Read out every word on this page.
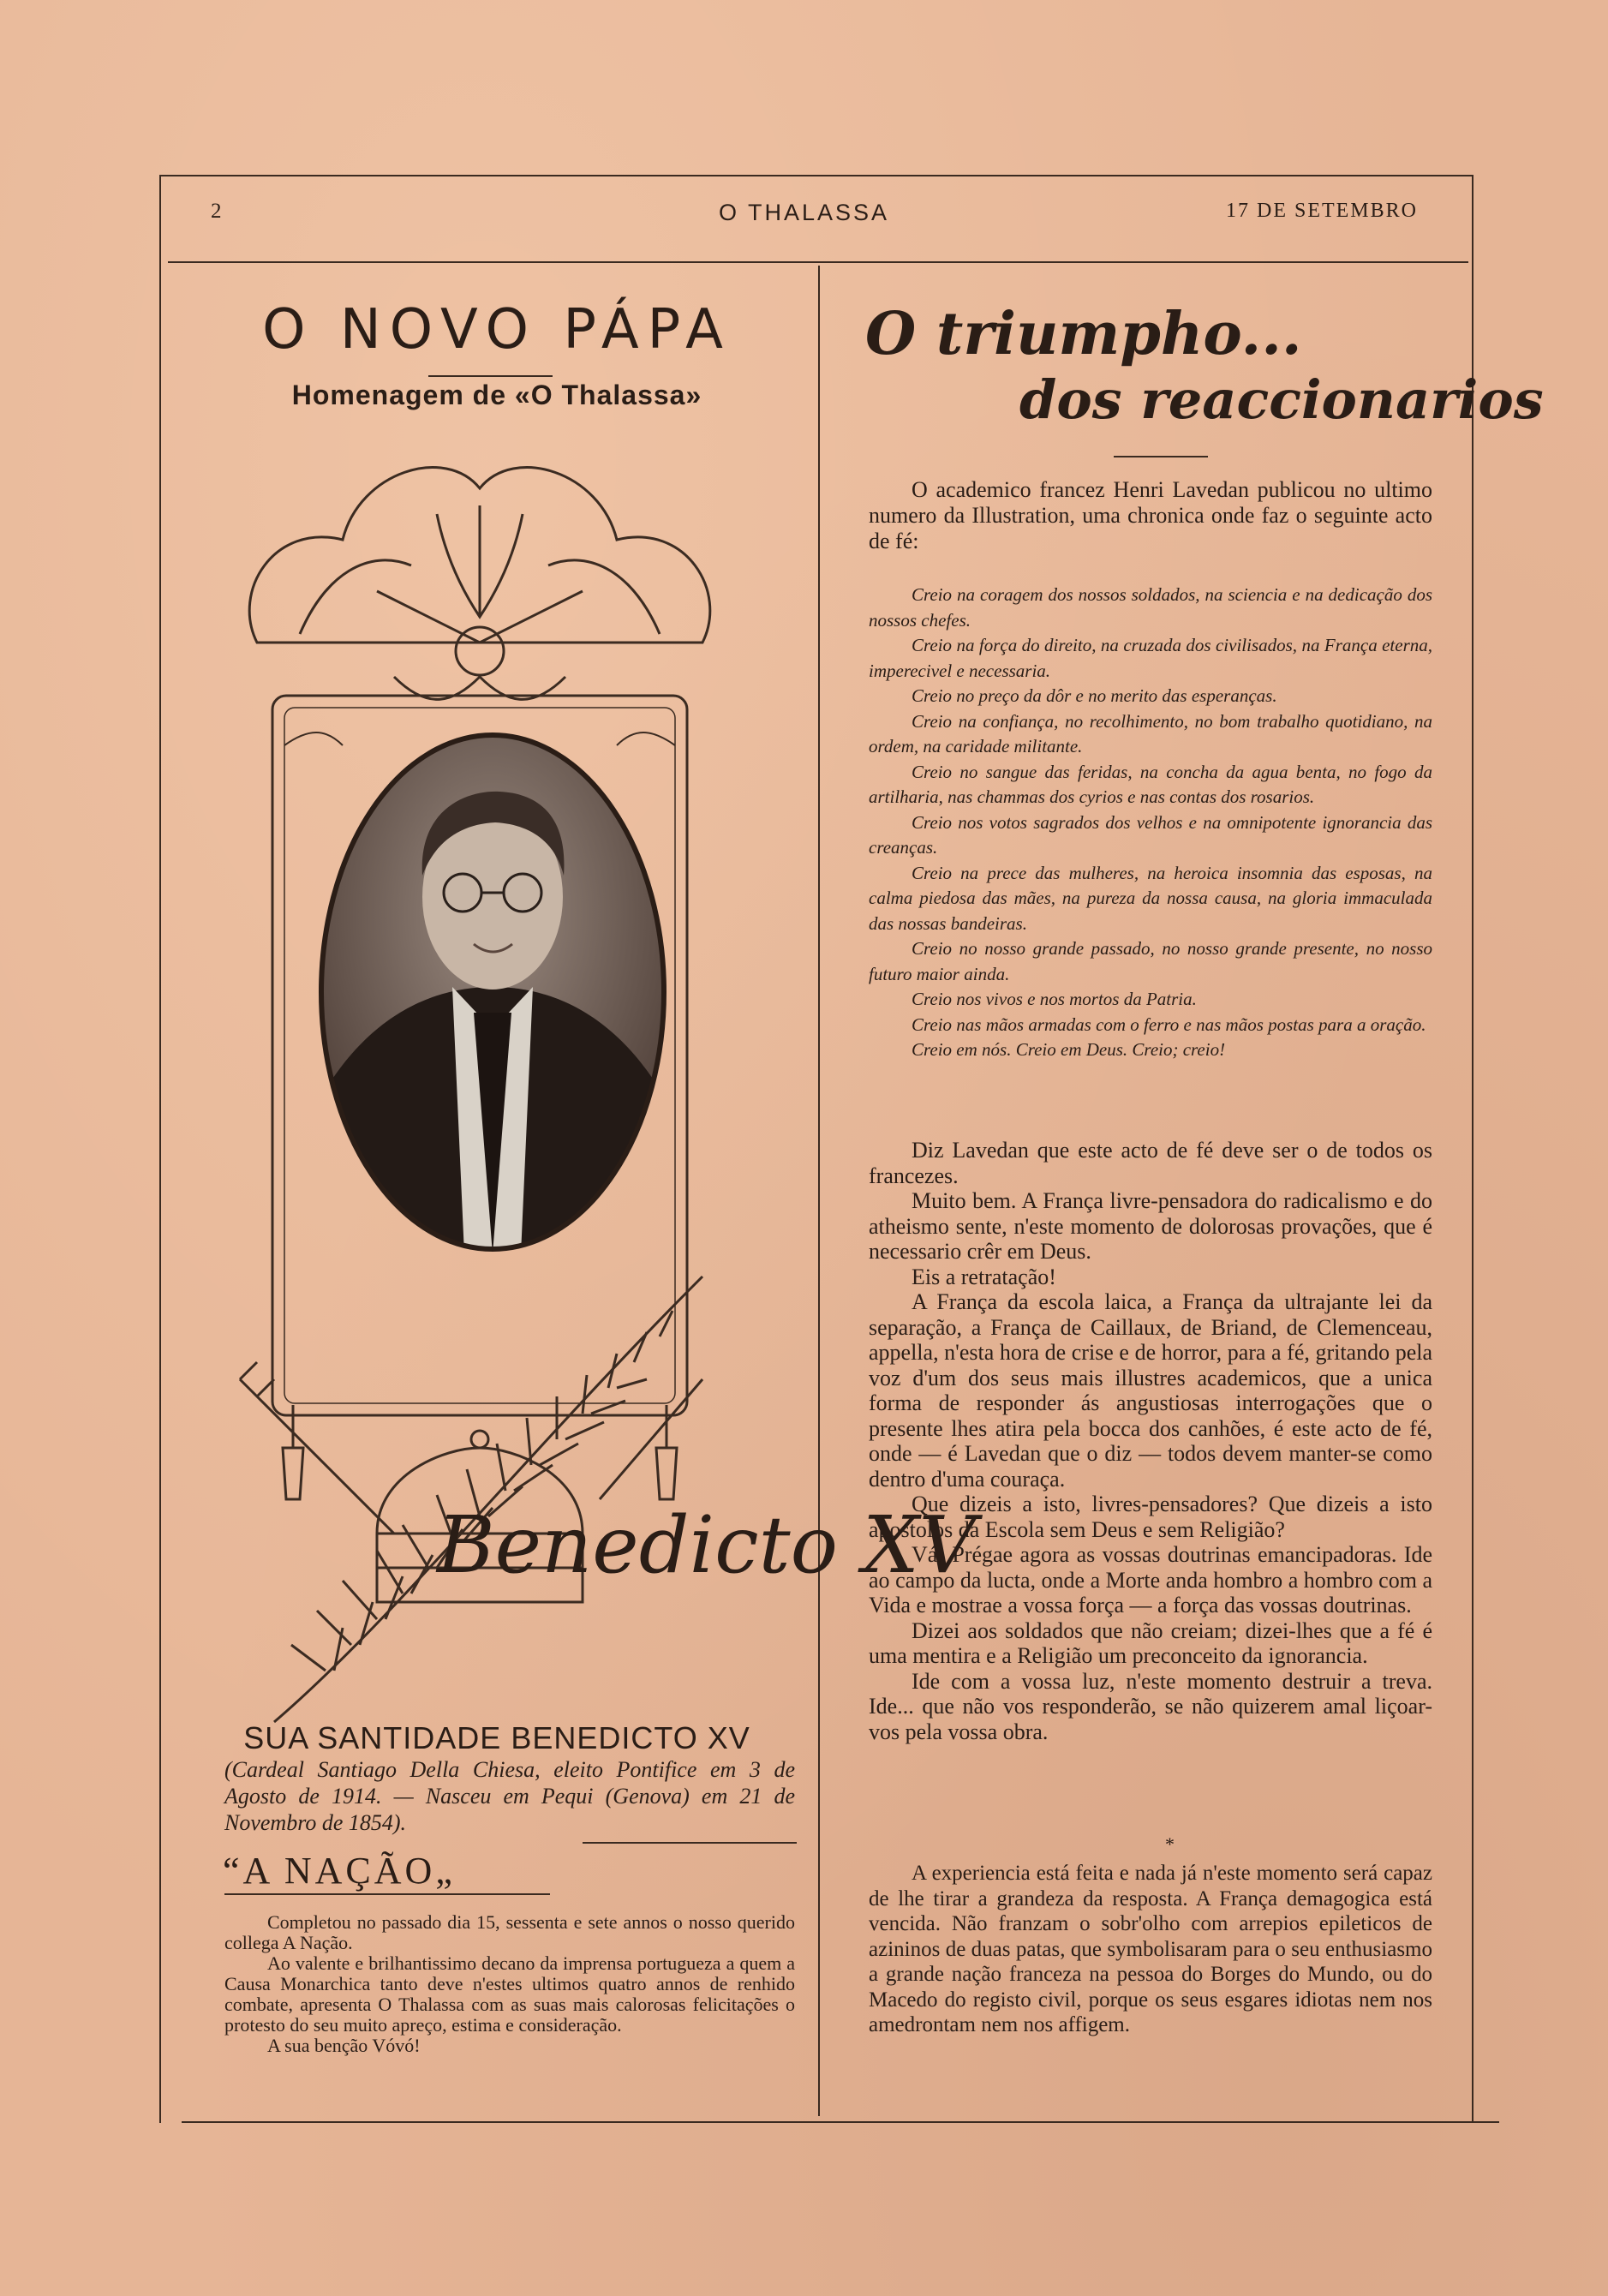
2	O THALASSA	17 DE SETEMBRO
O NOVO PÁPA
Homenagem de «O Thalassa»
Benedicto XV
SUA SANTIDADE BENEDICTO XV
(Cardeal Santiago Della Chiesa, eleito Pontifice em 3 de Agosto de 1914. — Nasceu em Pequi (Genova) em 21 de Novembro de 1854).
“A NAÇÃO„

Completou no passado dia 15, sessenta e sete annos o nosso querido collega A Nação.

Ao valente e brilhantissimo decano da imprensa portugueza a quem a Causa Monarchica tanto deve n'estes ultimos quatro annos de renhido combate, apresenta O Thalassa com as suas mais calorosas felicitações o protesto do seu muito apreço, estima e consideração.

A sua benção Vóvó!

O triumpho...
dos reaccionarios

O academico francez Henri Lavedan publicou no ultimo numero da Illustration, uma chronica onde faz o seguinte acto de fé:

Creio na coragem dos nossos soldados, na sciencia e na dedicação dos nossos chefes.

Creio na força do direito, na cruzada dos civilisados, na França eterna, imperecivel e necessaria.

Creio no preço da dôr e no merito das esperanças.

Creio na confiança, no recolhimento, no bom trabalho quotidiano, na ordem, na caridade militante.

Creio no sangue das feridas, na concha da agua benta, no fogo da artilharia, nas chammas dos cyrios e nas contas dos rosarios.

Creio nos votos sagrados dos velhos e na omnipotente ignorancia das creanças.

Creio na prece das mulheres, na heroica insomnia das esposas, na calma piedosa das mães, na pureza da nossa causa, na gloria immaculada das nossas bandeiras.

Creio no nosso grande passado, no nosso grande presente, no nosso futuro maior ainda.

Creio nos vivos e nos mortos da Patria.

Creio nas mãos armadas com o ferro e nas mãos postas para a oração.

Creio em nós. Creio em Deus. Creio; creio!

Diz Lavedan que este acto de fé deve ser o de todos os francezes.

Muito bem. A França livre-pensadora do radicalismo e do atheismo sente, n'este momento de dolorosas provações, que é necessario crêr em Deus.

Eis a retratação!

A França da escola laica, a França da ultrajante lei da separação, a França de Caillaux, de Briand, de Clemenceau, appella, n'esta hora de crise e de horror, para a fé, gritando pela voz d'um dos seus mais illustres academicos, que a unica forma de responder ás angustiosas interrogações que o presente lhes atira pela bocca dos canhões, é este acto de fé, onde — é Lavedan que o diz — todos devem manter-se como dentro d'uma couraça.

Que dizeis a isto, livres-pensadores? Que dizeis a isto apostolos da Escola sem Deus e sem Religião?

Vá! Prégae agora as vossas doutrinas emancipadoras. Ide ao campo da lucta, onde a Morte anda hombro a hombro com a Vida e mostrae a vossa força — a força das vossas doutrinas.

Dizei aos soldados que não creiam; dizei-lhes que a fé é uma mentira e a Religião um preconceito da ignorancia.

Ide com a vossa luz, n'este momento destruir a treva. Ide... que não vos responderão, se não quizerem amal liçoar-vos pela vossa obra.

*

A experiencia está feita e nada já n'este momento será capaz de lhe tirar a grandeza da resposta. A França demagogica está vencida. Não franzam o sobr'olho com arrepios epileticos de azininos de duas patas, que symbolisaram para o seu enthusiasmo a grande nação franceza na pessoa do Borges do Mundo, ou do Macedo do registo civil, porque os seus esgares idiotas nem nos amedrontam nem nos affigem.
